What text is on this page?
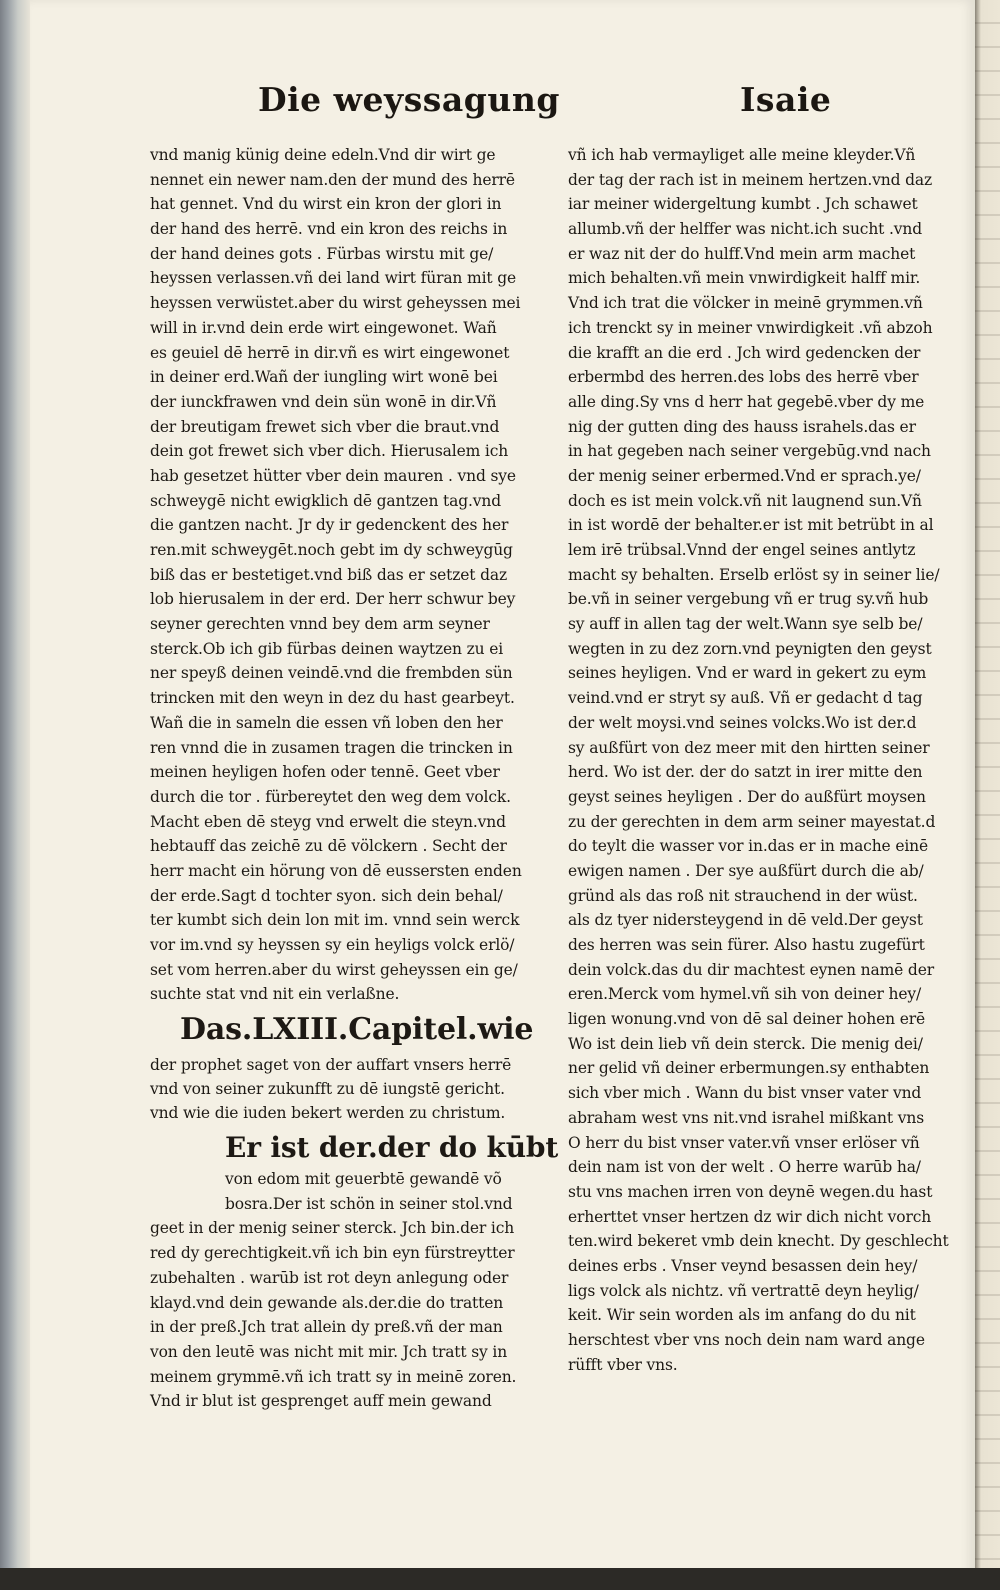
Die weyssagung	Isaie
vnd manig künig deine edeln.Vnd dir wirt ge
nennet ein newer nam.den der mund des herrē
hat gennet. Vnd du wirst ein kron der glori in
der hand des herrē. vnd ein kron des reichs in
der hand deines gots . Fürbas wirstu mit ge/
heyssen verlassen.vñ dei land wirt füran mit ge
heyssen verwüstet.aber du wirst geheyssen mei
will in ir.vnd dein erde wirt eingewonet. Wañ
es geuiel dē herrē in dir.vñ es wirt eingewonet
in deiner erd.Wañ der iungling wirt wonē bei
der iunckfrawen vnd dein sün wonē in dir.Vñ
der breutigam frewet sich vber die braut.vnd
dein got frewet sich vber dich. Hierusalem ich
hab gesetzet hütter vber dein mauren . vnd sye
schweygē nicht ewigklich dē gantzen tag.vnd
die gantzen nacht. Jr dy ir gedenckent des her
ren.mit schweygēt.noch gebt im dy schweygūg
biß das er bestetiget.vnd biß das er setzet daz
lob hierusalem in der erd. Der herr schwur bey
seyner gerechten vnnd bey dem arm seyner
sterck.Ob ich gib fürbas deinen waytzen zu ei
ner speyß deinen veindē.vnd die frembden sün
trincken mit den weyn in dez du hast gearbeyt.
Wañ die in sameln die essen vñ loben den her
ren vnnd die in zusamen tragen die trincken in
meinen heyligen hofen oder tennē. Geet vber
durch die tor . fürbereytet den weg dem volck.
Macht eben dē steyg vnd erwelt die steyn.vnd
hebtauff das zeichē zu dē völckern . Secht der
herr macht ein hörung von dē eussersten enden
der erde.Sagt d tochter syon. sich dein behal/
ter kumbt sich dein lon mit im. vnnd sein werck
vor im.vnd sy heyssen sy ein heyligs volck erlö/
set vom herren.aber du wirst geheyssen ein ge/
suchte stat vnd nit ein verlaßne.
Das.LXIII.Capitel.wie
der prophet saget von der auffart vnsers herrē
vnd von seiner zukunfft zu dē iungstē gericht.
vnd wie die iuden bekert werden zu christum.
Er ist der.der do kūbt
von edom mit geuerbtē gewandē võ
bosra.Der ist schön in seiner stol.vnd
geet in der menig seiner sterck. Jch bin.der ich
red dy gerechtigkeit.vñ ich bin eyn fürstreytter
zubehalten . warūb ist rot deyn anlegung oder
klayd.vnd dein gewande als.der.die do tratten
in der preß.Jch trat allein dy preß.vñ der man
von den leutē was nicht mit mir. Jch tratt sy in
meinem grymmē.vñ ich tratt sy in meinē zoren.
Vnd ir blut ist gesprenget auff mein gewand
vñ ich hab vermayliget alle meine kleyder.Vñ
der tag der rach ist in meinem hertzen.vnd daz
iar meiner widergeltung kumbt . Jch schawet
allumb.vñ der helffer was nicht.ich sucht .vnd
er waz nit der do hulff.Vnd mein arm machet
mich behalten.vñ mein vnwirdigkeit halff mir.
Vnd ich trat die völcker in meinē grymmen.vñ
ich trenckt sy in meiner vnwirdigkeit .vñ abzoh
die krafft an die erd . Jch wird gedencken der
erbermbd des herren.des lobs des herrē vber
alle ding.Sy vns d herr hat gegebē.vber dy me
nig der gutten ding des hauss israhels.das er
in hat gegeben nach seiner vergebūg.vnd nach
der menig seiner erbermed.Vnd er sprach.ye/
doch es ist mein volck.vñ nit laugnend sun.Vñ
in ist wordē der behalter.er ist mit betrübt in al
lem irē trübsal.Vnnd der engel seines antlytz
macht sy behalten. Erselb erlöst sy in seiner lie/
be.vñ in seiner vergebung vñ er trug sy.vñ hub
sy auff in allen tag der welt.Wann sye selb be/
wegten in zu dez zorn.vnd peynigten den geyst
seines heyligen. Vnd er ward in gekert zu eym
veind.vnd er stryt sy auß. Vñ er gedacht d tag
der welt moysi.vnd seines volcks.Wo ist der.d
sy außfürt von dez meer mit den hirtten seiner
herd. Wo ist der. der do satzt in irer mitte den
geyst seines heyligen . Der do außfürt moysen
zu der gerechten in dem arm seiner mayestat.d
do teylt die wasser vor in.das er in mache einē
ewigen namen . Der sye außfürt durch die ab/
gründ als das roß nit strauchend in der wüst.
als dz tyer nidersteygend in dē veld.Der geyst
des herren was sein fürer. Also hastu zugefürt
dein volck.das du dir machtest eynen namē der
eren.Merck vom hymel.vñ sih von deiner hey/
ligen wonung.vnd von dē sal deiner hohen erē
Wo ist dein lieb vñ dein sterck. Die menig dei/
ner gelid vñ deiner erbermungen.sy enthabten
sich vber mich . Wann du bist vnser vater vnd
abraham west vns nit.vnd israhel mißkant vns
O herr du bist vnser vater.vñ vnser erlöser vñ
dein nam ist von der welt . O herre warūb ha/
stu vns machen irren von deynē wegen.du hast
erherttet vnser hertzen dz wir dich nicht vorch
ten.wird bekeret vmb dein knecht. Dy geschlecht
deines erbs . Vnser veynd besassen dein hey/
ligs volck als nichtz. vñ vertrattē deyn heylig/
keit. Wir sein worden als im anfang do du nit
herschtest vber vns noch dein nam ward ange
rüfft vber vns.
